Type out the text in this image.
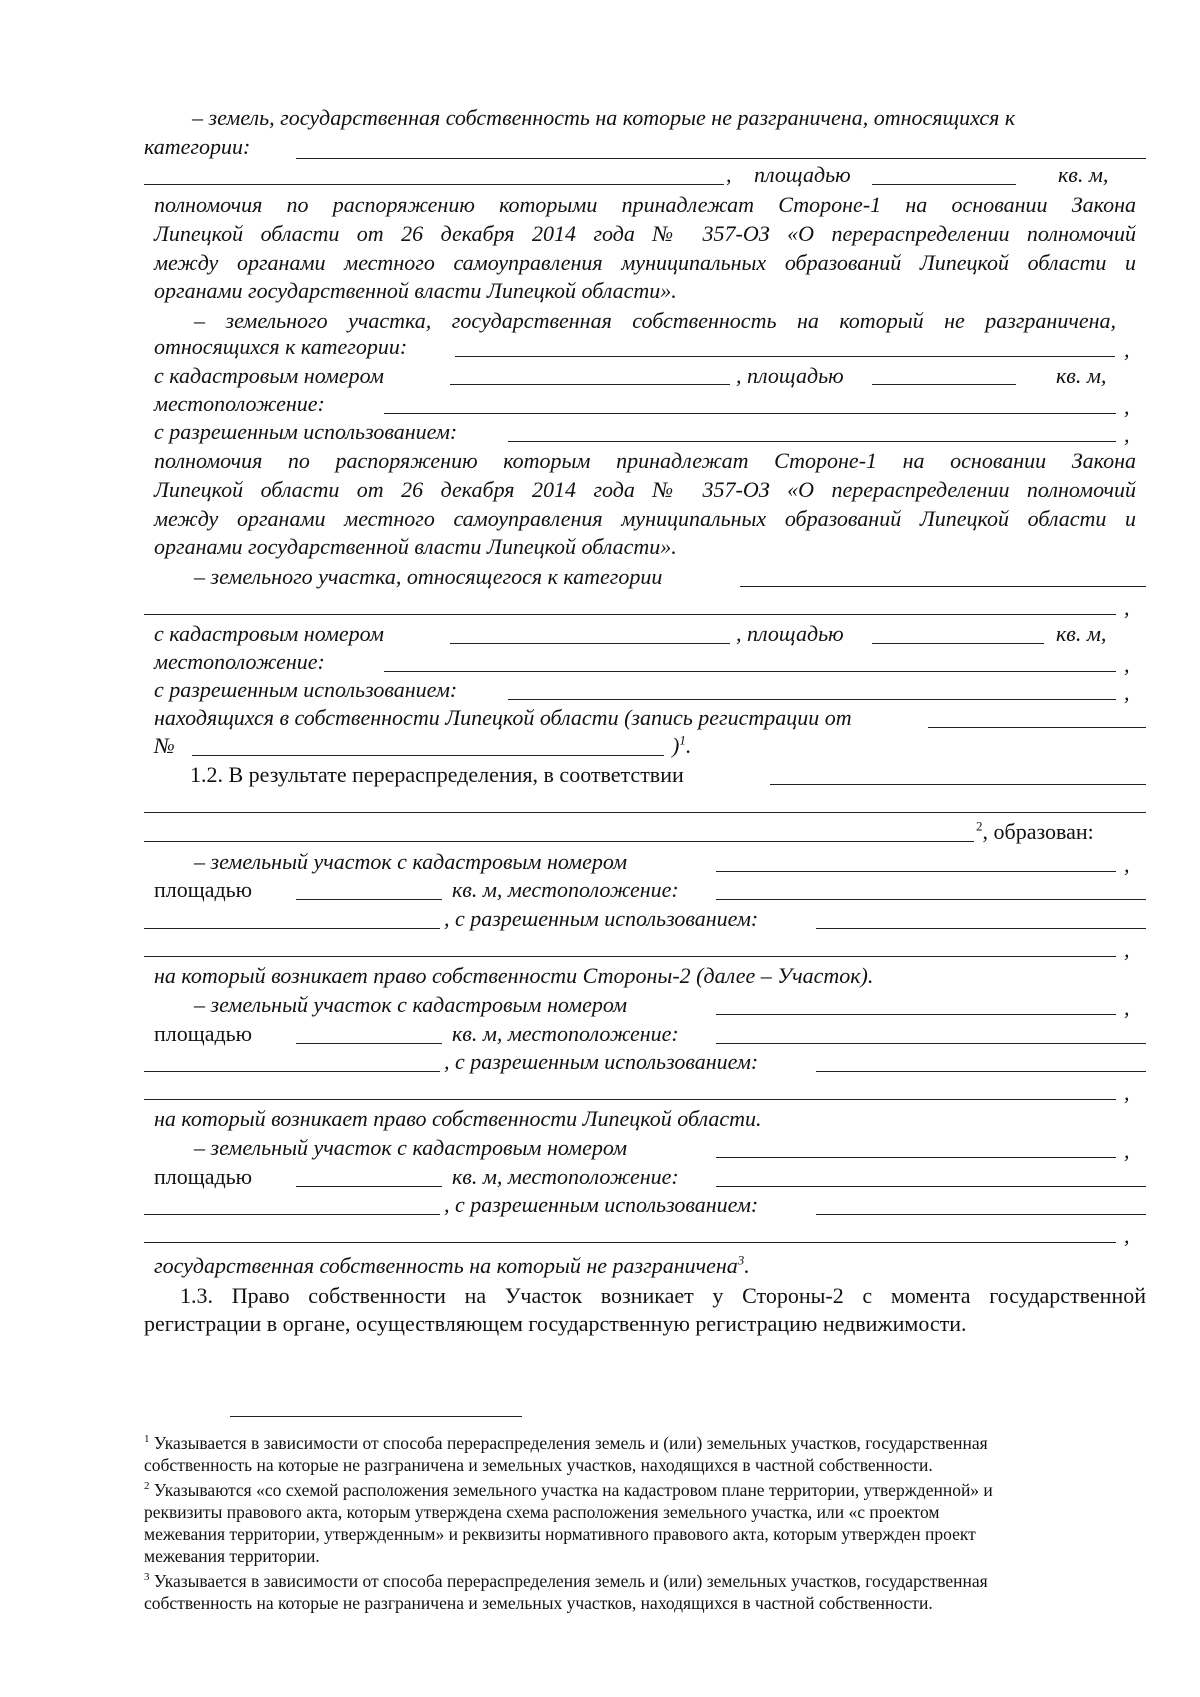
– земель, государственная собственность на которые не разграничена, относящихся к
категории:
, площадью	кв. м,
полномочия по распоряжению которыми принадлежат Стороне-1 на основании Закона
Липецкой области от 26 декабря 2014 года № 357-ОЗ «О перераспределении полномочий
между органами местного самоуправления муниципальных образований Липецкой области и
органами государственной власти Липецкой области».
– земельного участка, государственная собственность на который не разграничена,
относящихся к категории:	,
с кадастровым номером	, площадью	кв. м,
местоположение:	,
с разрешенным использованием:	,
полномочия по распоряжению которым принадлежат Стороне-1 на основании Закона
Липецкой области от 26 декабря 2014 года № 357-ОЗ «О перераспределении полномочий
между органами местного самоуправления муниципальных образований Липецкой области и
органами государственной власти Липецкой области».
– земельного участка, относящегося к категории
,
с кадастровым номером	, площадью	кв. м,
местоположение:	,
с разрешенным использованием:	,
находящихся в собственности Липецкой области (запись регистрации от
№	)$^1$.
1.2. В результате перераспределения, в соответствии
$^2$, образован:
– земельный участок с кадастровым номером	,
площадью	кв. м, местоположение:
, с разрешенным использованием:
,
на который возникает право собственности Стороны-2 (далее – Участок).
– земельный участок с кадастровым номером	,
площадью	кв. м, местоположение:
, с разрешенным использованием:
,
на который возникает право собственности Липецкой области.
– земельный участок с кадастровым номером	,
площадью	кв. м, местоположение:
, с разрешенным использованием:
,
государственная собственность на который не разграничена$^3$.
1.3. Право собственности на Участок возникает у Стороны-2 с момента государственной
регистрации в органе, осуществляющем государственную регистрацию недвижимости.
$^1$ Указывается в зависимости от способа перераспределения земель и (или) земельных участков, государственная
собственность на которые не разграничена и земельных участков, находящихся в частной собственности.
$^2$ Указываются «со схемой расположения земельного участка на кадастровом плане территории, утвержденной» и
реквизиты правового акта, которым утверждена схема расположения земельного участка, или «с проектом
межевания территории, утвержденным» и реквизиты нормативного правового акта, которым утвержден проект
межевания территории.
$^3$ Указывается в зависимости от способа перераспределения земель и (или) земельных участков, государственная
собственность на которые не разграничена и земельных участков, находящихся в частной собственности.
